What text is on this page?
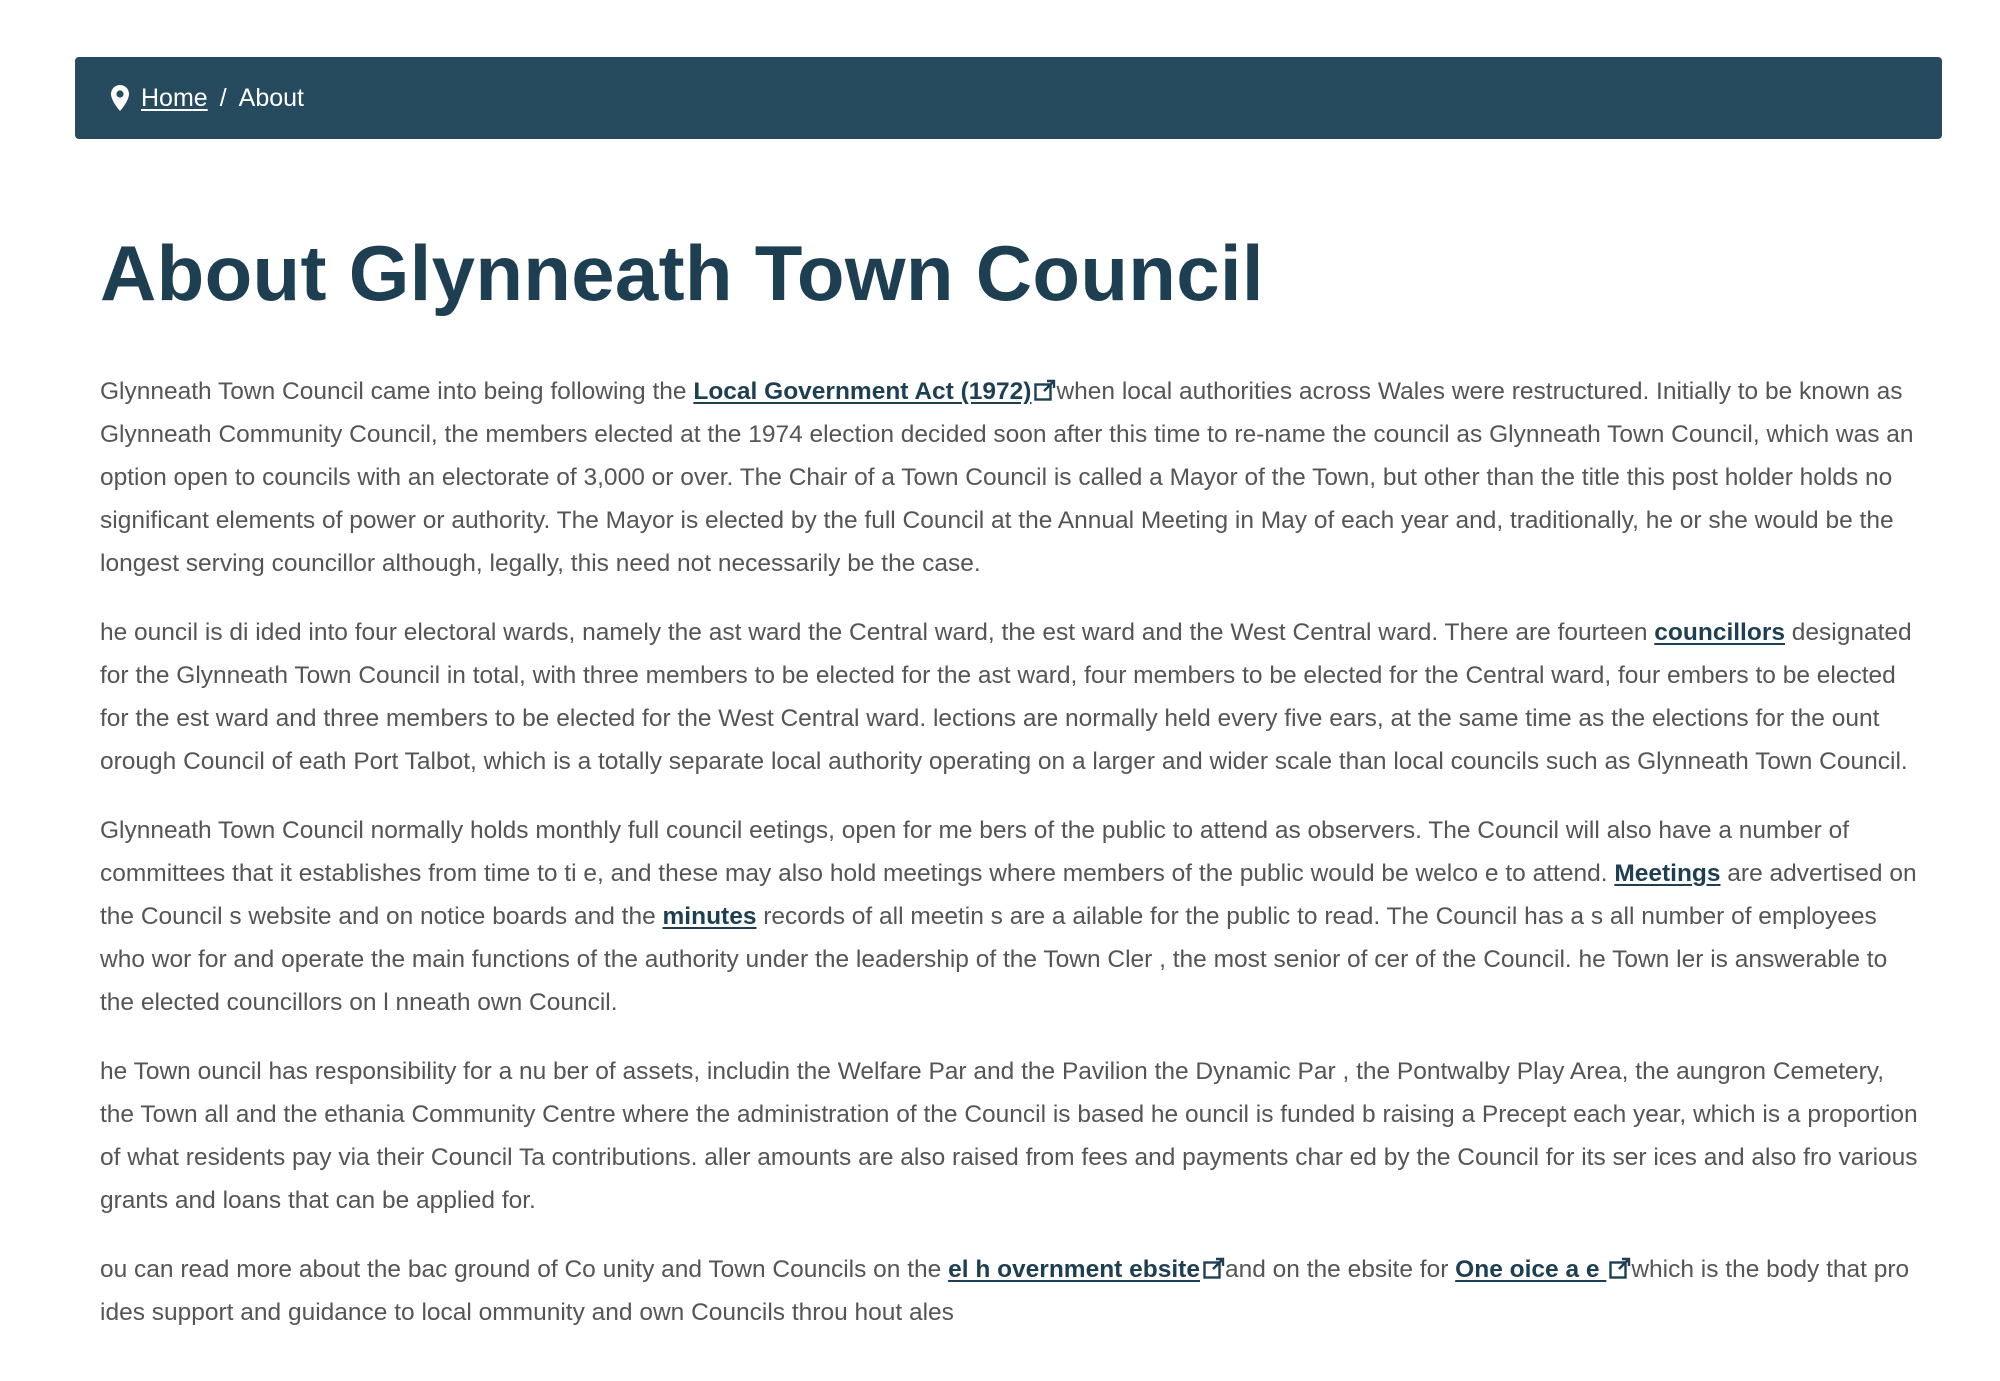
Home / About
About Glynneath Town Council

Glynneath Town Council came into being following the Local Government Act (1972) when local authorities across Wales were restructured. Initially to be known as Glynneath Community Council, the members elected at the 1974 election decided soon after this time to re-name the council as Glynneath Town Council, which was an option open to councils with an electorate of 3,000 or over. The Chair of a Town Council is called a Mayor of the Town, but other than the title this post holder holds no significant elements of power or authority. The Mayor is elected by the full Council at the Annual Meeting in May of each year and, traditionally, he or she would be the longest serving councillor although, legally, this need not necessarily be the case.

he ouncil is di ided into four electoral wards, namely the ast ward the Central ward, the est ward and the West Central ward. There are fourteen councillors designated for the Glynneath Town Council in total, with three members to be elected for the ast ward, four members to be elected for the Central ward, four embers to be elected for the est ward and three members to be elected for the West Central ward. lections are normally held every five ears, at the same time as the elections for the ount orough Council of eath Port Talbot, which is a totally separate local authority operating on a larger and wider scale than local councils such as Glynneath Town Council.

Glynneath Town Council normally holds monthly full council eetings, open for me bers of the public to attend as observers. The Council will also have a number of committees that it establishes from time to ti e, and these may also hold meetings where members of the public would be welco e to attend. Meetings are advertised on the Council s website and on notice boards and the minutes records of all meetin s are a ailable for the public to read. The Council has a s all number of employees who wor for and operate the main functions of the authority under the leadership of the Town Cler , the most senior of cer of the Council. he Town ler is answerable to the elected councillors on l nneath own Council.

he Town ouncil has responsibility for a nu ber of assets, includin the Welfare Par and the Pavilion the Dynamic Par , the Pontwalby Play Area, the aungron Cemetery, the Town all and the ethania Community Centre where the administration of the Council is based he ouncil is funded b raising a Precept each year, which is a proportion of what residents pay via their Council Ta contributions. aller amounts are also raised from fees and payments char ed by the Council for its ser ices and also fro various grants and loans that can be applied for.

ou can read more about the bac ground of Co unity and Town Councils on the el h overnment ebsite and on the ebsite for One oice a e which is the body that pro ides support and guidance to local ommunity and own Councils throu hout ales
